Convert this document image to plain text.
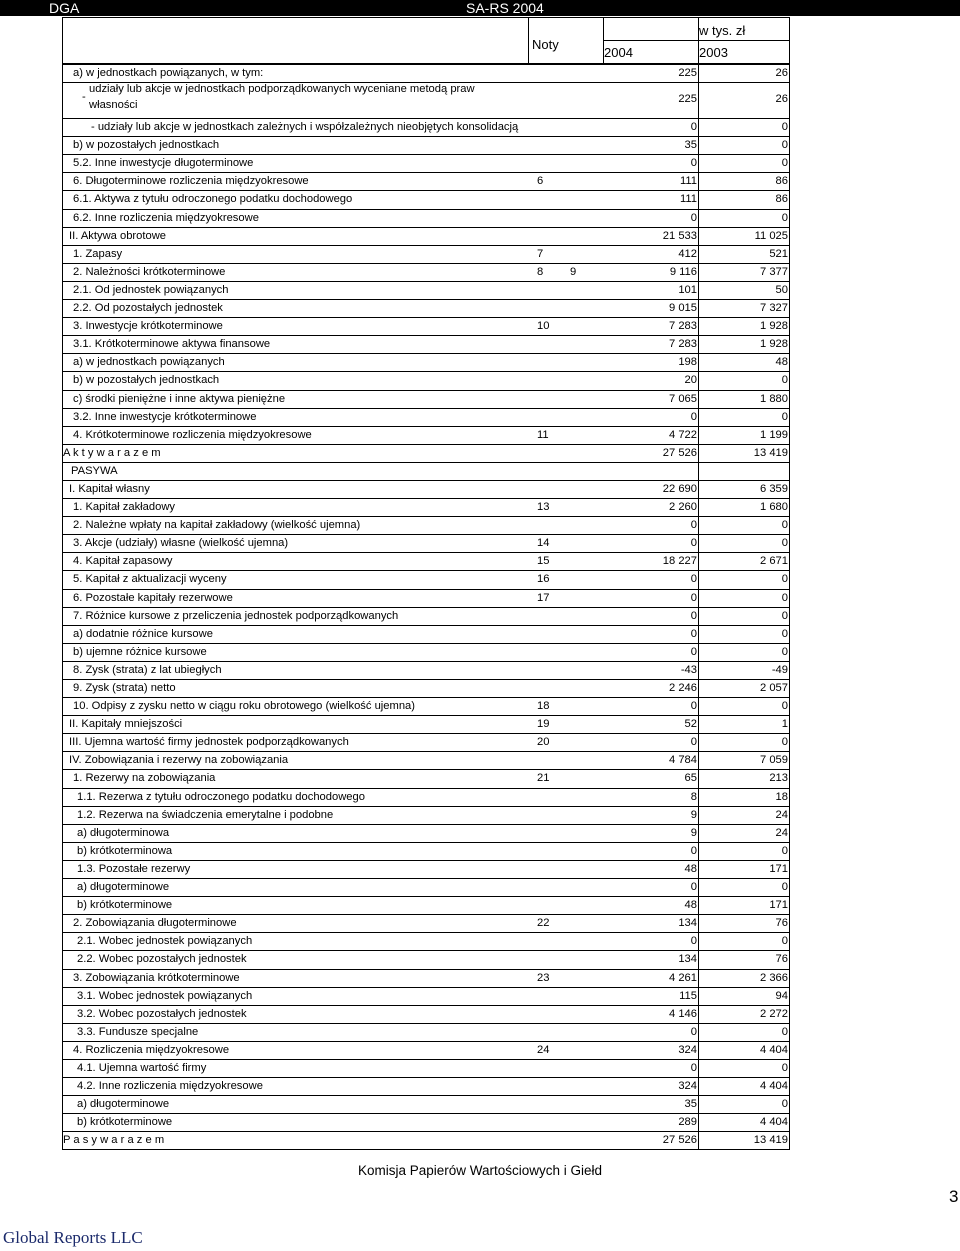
DGA	SA-RS 2004
Noty
w tys. zł
2004	2003
a) w jednostkach powiązanych, w tym:	225	26
-
udziały lub akcje w jednostkach podporządkowanych wyceniane metodą praw
własności	225	26
- udziały lub akcje w jednostkach zależnych i współzależnych nieobjętych konsolidacją	0	0
b) w pozostałych jednostkach	35	0
5.2. Inne inwestycje długoterminowe	0	0
6. Długoterminowe rozliczenia międzyokresowe	6	111	86
6.1. Aktywa z tytułu odroczonego podatku dochodowego	111	86
6.2. Inne rozliczenia międzyokresowe	0	0
II. Aktywa obrotowe	21 533	11 025
1. Zapasy	7	412	521
2. Należności krótkoterminowe	8	9	9 116	7 377
2.1. Od jednostek powiązanych	101	50
2.2. Od pozostałych jednostek	9 015	7 327
3. Inwestycje krótkoterminowe	10	7 283	1 928
3.1. Krótkoterminowe aktywa finansowe	7 283	1 928
a) w jednostkach powiązanych	198	48
b) w pozostałych jednostkach	20	0
c) środki pieniężne i inne aktywa pieniężne	7 065	1 880
3.2. Inne inwestycje krótkoterminowe	0	0
4. Krótkoterminowe rozliczenia międzyokresowe	11	4 722	1 199
A k t y w a r a z e m	27 526	13 419
PASYWA
I. Kapitał własny	22 690	6 359
1. Kapitał zakładowy	13	2 260	1 680
2. Należne wpłaty na kapitał zakładowy (wielkość ujemna)	0	0
3. Akcje (udziały) własne (wielkość ujemna)	14	0	0
4. Kapitał zapasowy	15	18 227	2 671
5. Kapitał z aktualizacji wyceny	16	0	0
6. Pozostałe kapitały rezerwowe	17	0	0
7. Różnice kursowe z przeliczenia jednostek podporządkowanych	0	0
a) dodatnie różnice kursowe	0	0
b) ujemne różnice kursowe	0	0
8. Zysk (strata) z lat ubiegłych	-43	-49
9. Zysk (strata) netto	2 246	2 057
10. Odpisy z zysku netto w ciągu roku obrotowego (wielkość ujemna)	18	0	0
II. Kapitały mniejszości	19	52	1
III. Ujemna wartość firmy jednostek podporządkowanych	20	0	0
IV. Zobowiązania i rezerwy na zobowiązania	4 784	7 059
1. Rezerwy na zobowiązania	21	65	213
1.1. Rezerwa z tytułu odroczonego podatku dochodowego	8	18
1.2. Rezerwa na świadczenia emerytalne i podobne	9	24
a) długoterminowa	9	24
b) krótkoterminowa	0	0
1.3. Pozostałe rezerwy	48	171
a) długoterminowe	0	0
b) krótkoterminowe	48	171
2. Zobowiązania długoterminowe	22	134	76
2.1. Wobec jednostek powiązanych	0	0
2.2. Wobec pozostałych jednostek	134	76
3. Zobowiązania krótkoterminowe	23	4 261	2 366
3.1. Wobec jednostek powiązanych	115	94
3.2. Wobec pozostałych jednostek	4 146	2 272
3.3. Fundusze specjalne	0	0
4. Rozliczenia międzyokresowe	24	324	4 404
4.1. Ujemna wartość firmy	0	0
4.2. Inne rozliczenia międzyokresowe	324	4 404
a) długoterminowe	35	0
b) krótkoterminowe	289	4 404
P a s y w a r a z e m	27 526	13 419
Komisja Papierów Wartościowych i Giełd
3
Global Reports LLC
